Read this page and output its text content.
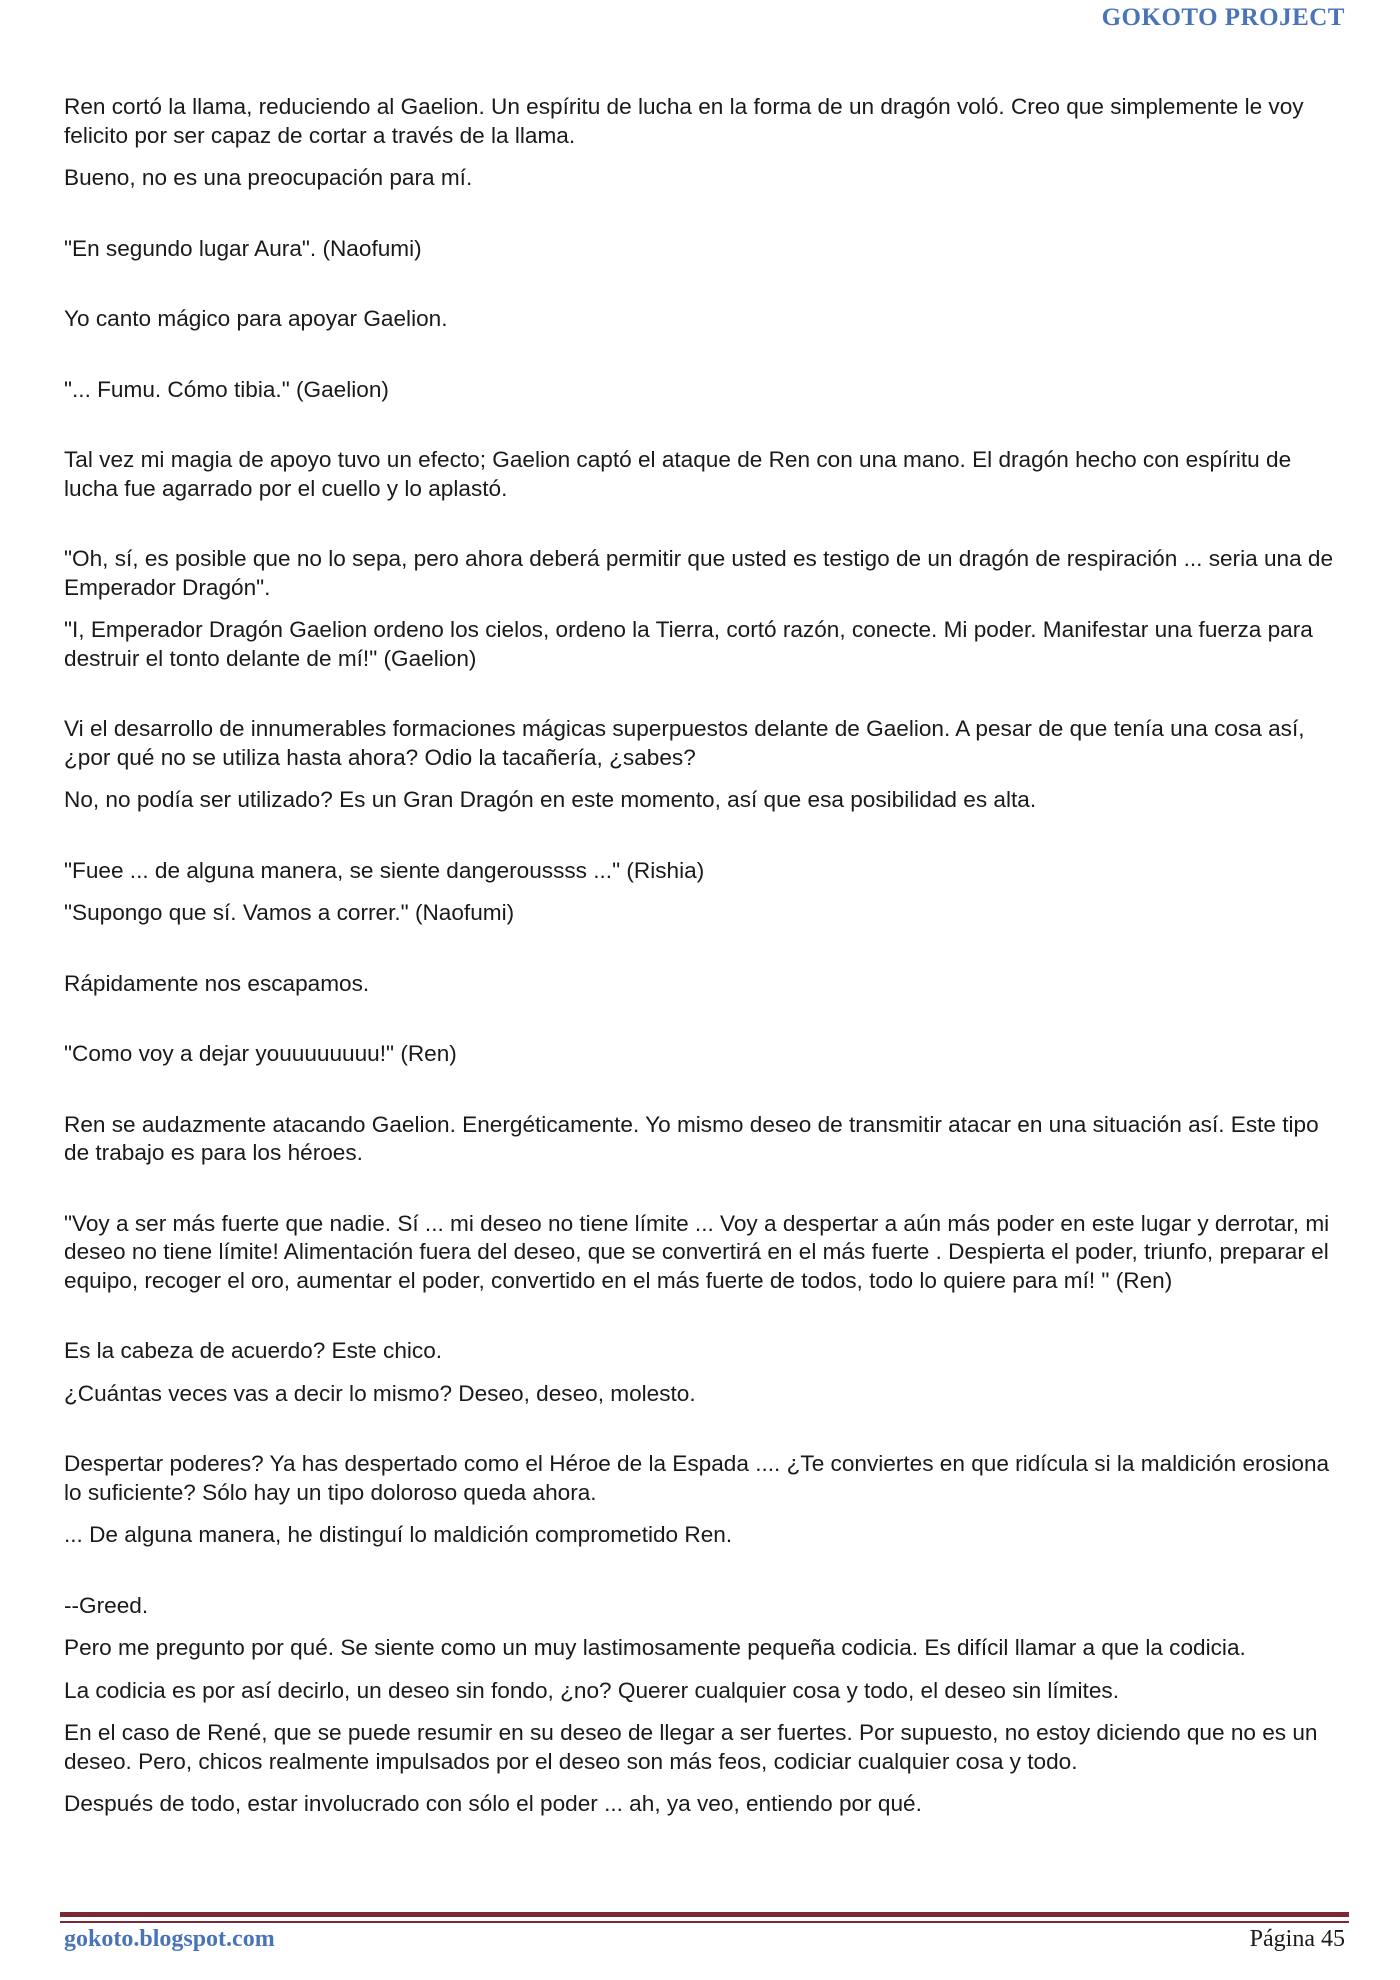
GOKOTO PROJECT

Ren cortó la llama, reduciendo al Gaelion. Un espíritu de lucha en la forma de un dragón voló. Creo que simplemente le voy felicito por ser capaz de cortar a través de la llama.

Bueno, no es una preocupación para mí.

"En segundo lugar Aura". (Naofumi)

Yo canto mágico para apoyar Gaelion.

"... Fumu. Cómo tibia." (Gaelion)

Tal vez mi magia de apoyo tuvo un efecto; Gaelion captó el ataque de Ren con una mano. El dragón hecho con espíritu de lucha fue agarrado por el cuello y lo aplastó.

"Oh, sí, es posible que no lo sepa, pero ahora deberá permitir que usted es testigo de un dragón de respiración ... seria una de Emperador Dragón".

"I, Emperador Dragón Gaelion ordeno los cielos, ordeno la Tierra, cortó razón, conecte. Mi poder. Manifestar una fuerza para destruir el tonto delante de mí!" (Gaelion)

Vi el desarrollo de innumerables formaciones mágicas superpuestos delante de Gaelion. A pesar de que tenía una cosa así, ¿por qué no se utiliza hasta ahora? Odio la tacañería, ¿sabes?

No, no podía ser utilizado? Es un Gran Dragón en este momento, así que esa posibilidad es alta.

"Fuee ... de alguna manera, se siente dangeroussss ..." (Rishia)

"Supongo que sí. Vamos a correr." (Naofumi)

Rápidamente nos escapamos.

"Como voy a dejar youuuuuuuu!" (Ren)

Ren se audazmente atacando Gaelion. Energéticamente. Yo mismo deseo de transmitir atacar en una situación así. Este tipo de trabajo es para los héroes.

"Voy a ser más fuerte que nadie. Sí ... mi deseo no tiene límite ... Voy a despertar a aún más poder en este lugar y derrotar, mi deseo no tiene límite! Alimentación fuera del deseo, que se convertirá en el más fuerte . Despierta el poder, triunfo, preparar el equipo, recoger el oro, aumentar el poder, convertido en el más fuerte de todos, todo lo quiere para mí! " (Ren)

Es la cabeza de acuerdo? Este chico.

¿Cuántas veces vas a decir lo mismo? Deseo, deseo, molesto.

Despertar poderes? Ya has despertado como el Héroe de la Espada .... ¿Te conviertes en que ridícula si la maldición erosiona lo suficiente? Sólo hay un tipo doloroso queda ahora.

... De alguna manera, he distinguí lo maldición comprometido Ren.

--Greed.

Pero me pregunto por qué. Se siente como un muy lastimosamente pequeña codicia. Es difícil llamar a que la codicia.

La codicia es por así decirlo, un deseo sin fondo, ¿no? Querer cualquier cosa y todo, el deseo sin límites.

En el caso de René, que se puede resumir en su deseo de llegar a ser fuertes. Por supuesto, no estoy diciendo que no es un deseo. Pero, chicos realmente impulsados por el deseo son más feos, codiciar cualquier cosa y todo.

Después de todo, estar involucrado con sólo el poder ... ah, ya veo, entiendo por qué.

gokoto.blogspot.com	Página 45
